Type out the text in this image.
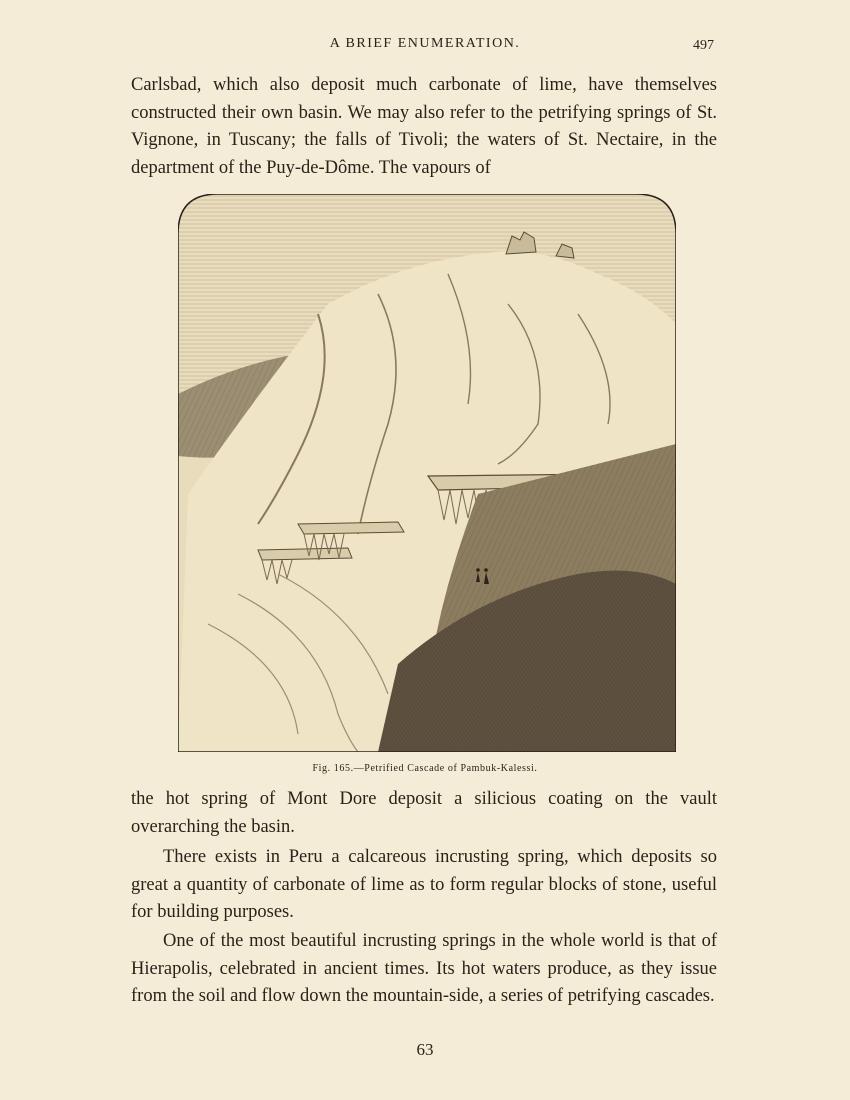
A BRIEF ENUMERATION.	497

Carlsbad, which also deposit much carbonate of lime, have themselves constructed their own basin. We may also refer to the petrifying springs of St. Vignone, in Tuscany; the falls of Tivoli; the waters of St. Nectaire, in the department of the Puy-de-Dôme. The vapours of

Fig. 165.—Petrified Cascade of Pambuk-Kalessi.

the hot spring of Mont Dore deposit a silicious coating on the vault overarching the basin.

There exists in Peru a calcareous incrusting spring, which deposits so great a quantity of carbonate of lime as to form regular blocks of stone, useful for building purposes.

One of the most beautiful incrusting springs in the whole world is that of Hierapolis, celebrated in ancient times. Its hot waters produce, as they issue from the soil and flow down the mountain-side, a series of petrifying cascades.

63
